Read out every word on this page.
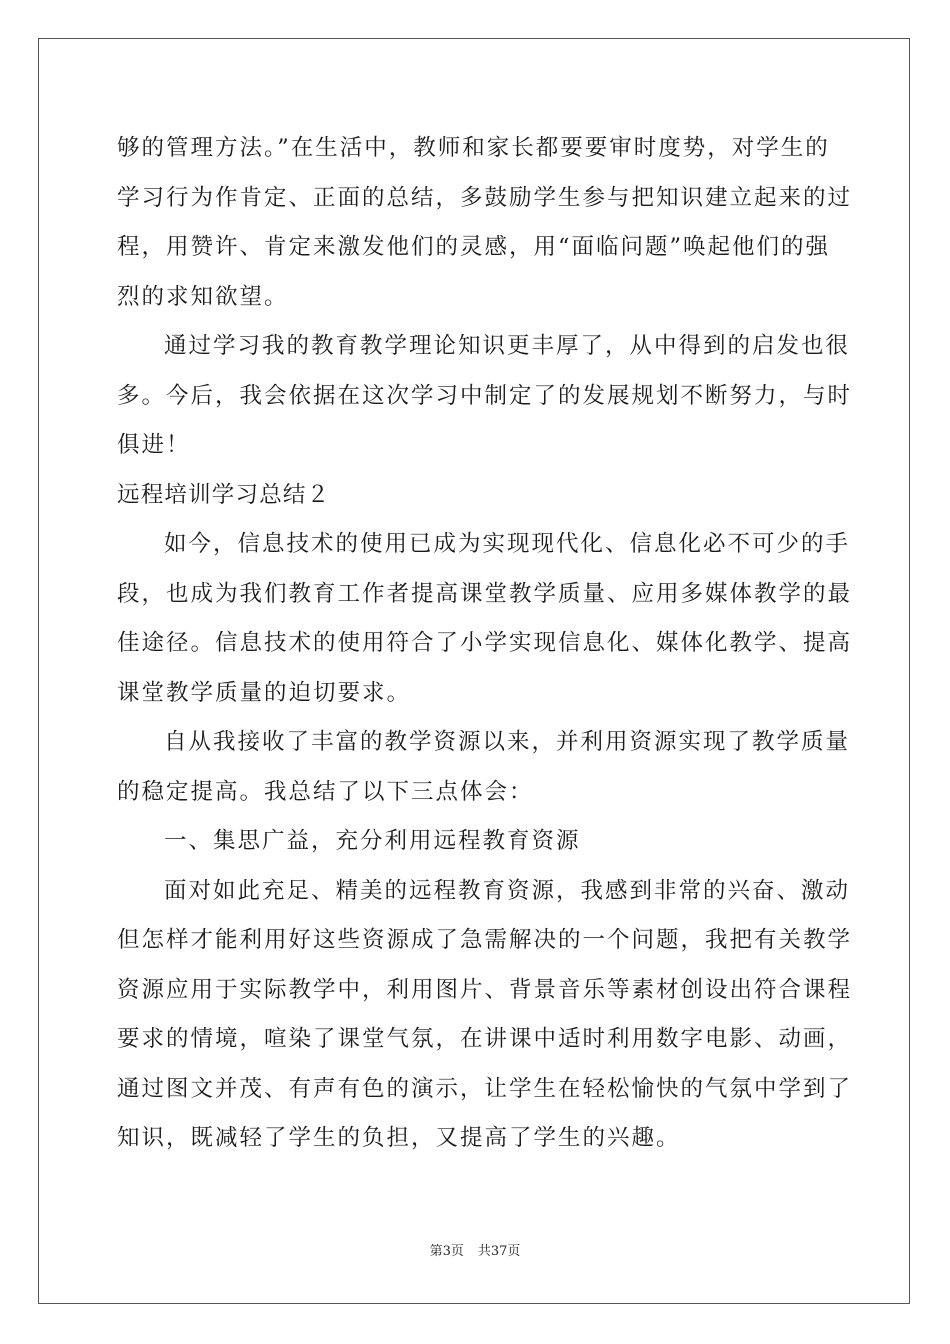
够的管理方法。”在生活中，教师和家长都要要审时度势，对学生的
学习行为作肯定、正面的总结，多鼓励学生参与把知识建立起来的过
程，用赞许、肯定来激发他们的灵感，用“面临问题”唤起他们的强
烈的求知欲望。
通过学习我的教育教学理论知识更丰厚了，从中得到的启发也很
多。今后，我会依据在这次学习中制定了的发展规划不断努力，与时
俱进！
远程培训学习总结２
如今，信息技术的使用已成为实现现代化、信息化必不可少的手
段，也成为我们教育工作者提高课堂教学质量、应用多媒体教学的最
佳途径。信息技术的使用符合了小学实现信息化、媒体化教学、提高
课堂教学质量的迫切要求。
自从我接收了丰富的教学资源以来，并利用资源实现了教学质量
的稳定提高。我总结了以下三点体会：
一、集思广益，充分利用远程教育资源
面对如此充足、精美的远程教育资源，我感到非常的兴奋、激动
但怎样才能利用好这些资源成了急需解决的一个问题，我把有关教学
资源应用于实际教学中，利用图片、背景音乐等素材创设出符合课程
要求的情境，喧染了课堂气氛，在讲课中适时利用数字电影、动画，
通过图文并茂、有声有色的演示，让学生在轻松愉快的气氛中学到了
知识，既减轻了学生的负担，又提高了学生的兴趣。
第3页 共37页
